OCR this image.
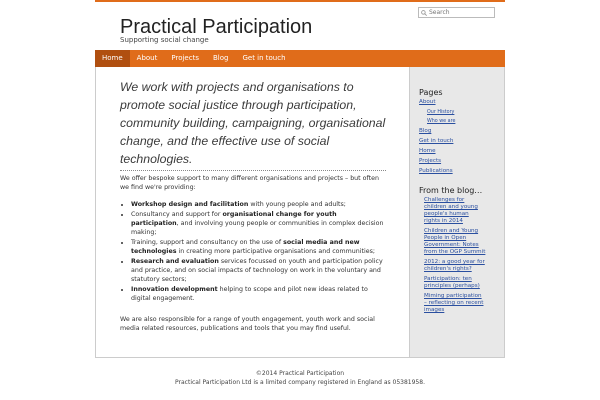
Practical Participation
Supporting social change
Search
Home	About	Projects	Blog	Get in touch

We work with projects and organisations to promote social justice through participation, community building, campaigning, organisational change, and the effective use of social technologies.

We offer bespoke support to many different organisations and projects – but often we find we're providing:

• Workshop design and facilitation with young people and adults;
• Consultancy and support for organisational change for youth participation, and involving young people or communities in complex decision making;
• Training, support and consultancy on the use of social media and new technologies in creating more participative organisations and communities;
• Research and evaluation services focussed on youth and participation policy and practice, and on social impacts of technology on work in the voluntary and statutory sectors;
• Innovation development helping to scope and pilot new ideas related to digital engagement.

We are also responsible for a range of youth engagement, youth work and social media related resources, publications and tools that you may find useful.

Pages
About
Our History
Who we are
Blog
Get in touch
Home
Projects
Publications
From the blog…
Challenges for children and young people's human rights in 2014
Children and Young People in Open Government: Notes from the OGP Summit
2012: a good year for children's rights?
Participation: ten principles (perhaps)
Miming participation – reflecting on recent images
©2014 Practical Participation
Practical Participation Ltd is a limited company registered in England as 05381958.
